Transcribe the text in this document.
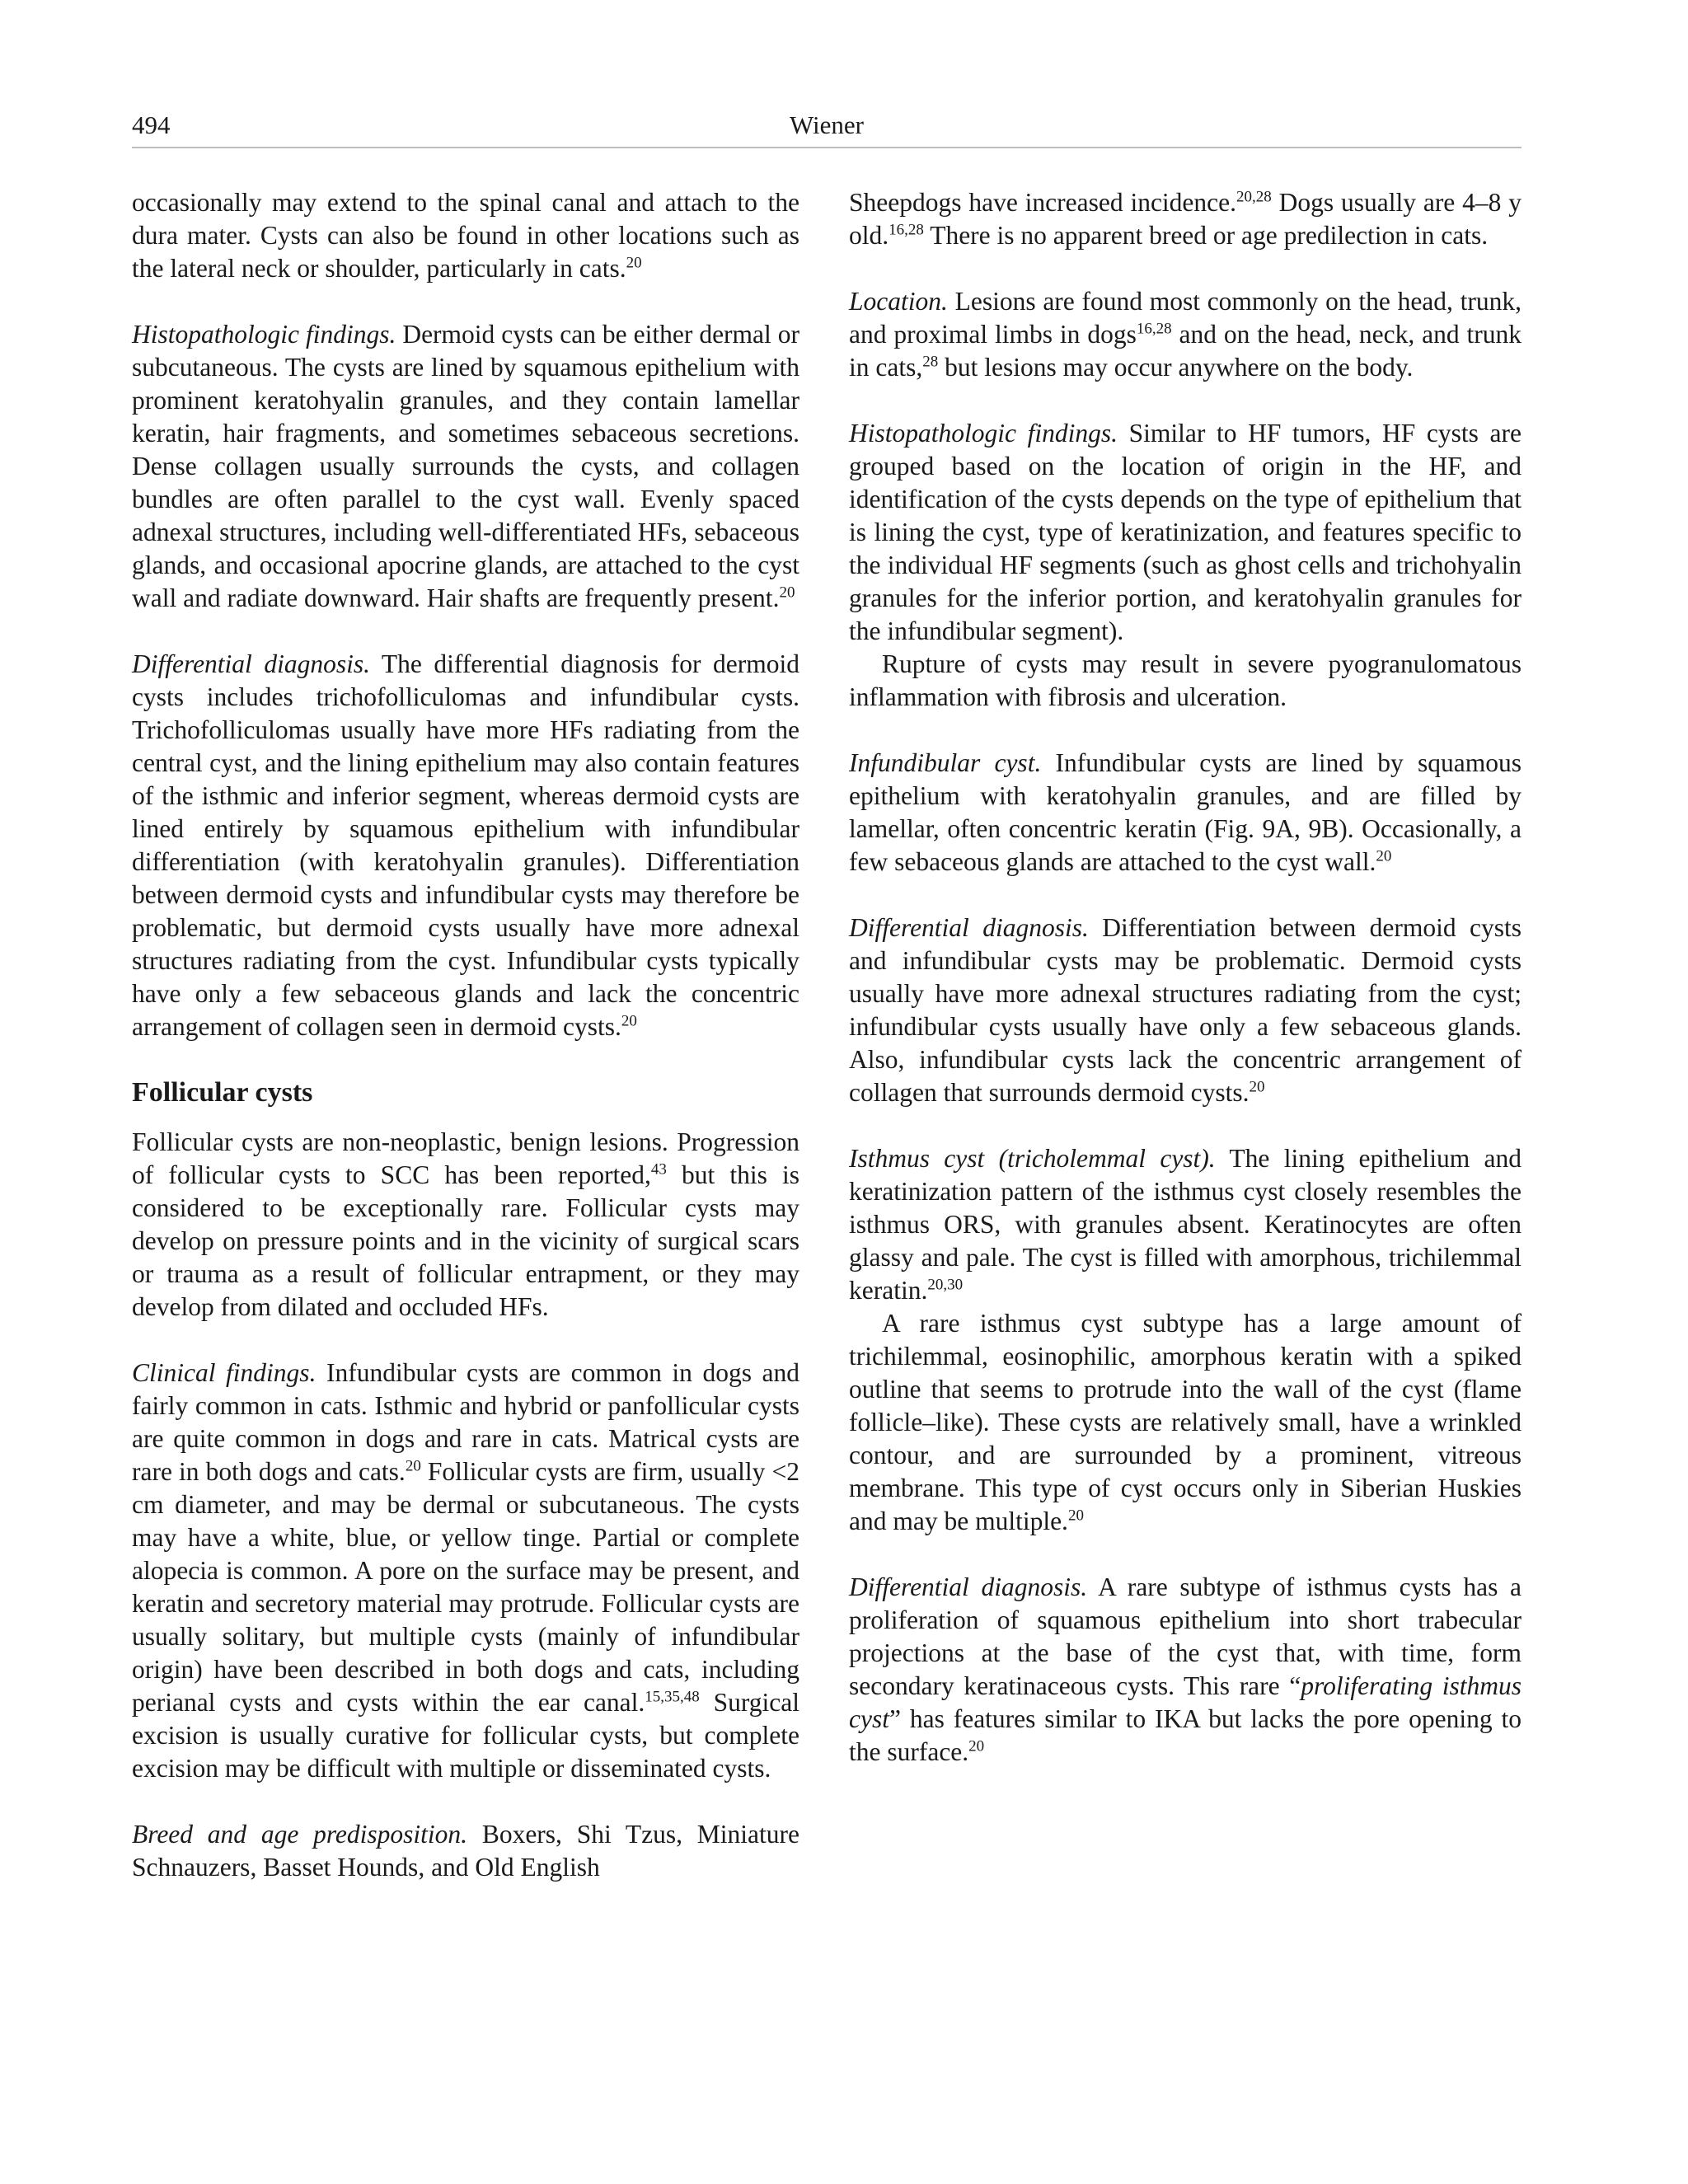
494	Wiener

occasionally may extend to the spinal canal and attach to the dura mater. Cysts can also be found in other locations such as the lateral neck or shoulder, particularly in cats.$^{20}$

Histopathologic findings. Dermoid cysts can be either dermal or subcutaneous. The cysts are lined by squamous epithelium with prominent keratohyalin granules, and they contain lamellar keratin, hair fragments, and sometimes sebaceous secretions. Dense collagen usually surrounds the cysts, and collagen bundles are often parallel to the cyst wall. Evenly spaced adnexal structures, including well-differentiated HFs, sebaceous glands, and occasional apocrine glands, are attached to the cyst wall and radiate downward. Hair shafts are frequently present.$^{20}$

Differential diagnosis. The differential diagnosis for dermoid cysts includes trichofolliculomas and infundibular cysts. Trichofolliculomas usually have more HFs radiating from the central cyst, and the lining epithelium may also contain features of the isthmic and inferior segment, whereas dermoid cysts are lined entirely by squamous epithelium with infundibular differentiation (with keratohyalin granules). Differentiation between dermoid cysts and infundibular cysts may therefore be problematic, but dermoid cysts usually have more adnexal structures radiating from the cyst. Infundibular cysts typically have only a few sebaceous glands and lack the concentric arrangement of collagen seen in dermoid cysts.$^{20}$

Follicular cysts

Follicular cysts are non-neoplastic, benign lesions. Progression of follicular cysts to SCC has been reported,$^{43}$ but this is considered to be exceptionally rare. Follicular cysts may develop on pressure points and in the vicinity of surgical scars or trauma as a result of follicular entrapment, or they may develop from dilated and occluded HFs.

Clinical findings. Infundibular cysts are common in dogs and fairly common in cats. Isthmic and hybrid or panfollicular cysts are quite common in dogs and rare in cats. Matrical cysts are rare in both dogs and cats.$^{20}$ Follicular cysts are firm, usually <2 cm diameter, and may be dermal or subcutaneous. The cysts may have a white, blue, or yellow tinge. Partial or complete alopecia is common. A pore on the surface may be present, and keratin and secretory material may protrude. Follicular cysts are usually solitary, but multiple cysts (mainly of infundibular origin) have been described in both dogs and cats, including perianal cysts and cysts within the ear canal.$^{15,35,48}$ Surgical excision is usually curative for follicular cysts, but complete excision may be difficult with multiple or disseminated cysts.

Breed and age predisposition. Boxers, Shi Tzus, Miniature Schnauzers, Basset Hounds, and Old English

Sheepdogs have increased incidence.$^{20,28}$ Dogs usually are 4–8 y old.$^{16,28}$ There is no apparent breed or age predilection in cats.

Location. Lesions are found most commonly on the head, trunk, and proximal limbs in dogs$^{16,28}$ and on the head, neck, and trunk in cats,$^{28}$ but lesions may occur anywhere on the body.

Histopathologic findings. Similar to HF tumors, HF cysts are grouped based on the location of origin in the HF, and identification of the cysts depends on the type of epithelium that is lining the cyst, type of keratinization, and features specific to the individual HF segments (such as ghost cells and trichohyalin granules for the inferior portion, and keratohyalin granules for the infundibular segment).

Rupture of cysts may result in severe pyogranulomatous inflammation with fibrosis and ulceration.

Infundibular cyst. Infundibular cysts are lined by squamous epithelium with keratohyalin granules, and are filled by lamellar, often concentric keratin (Fig. 9A, 9B). Occasionally, a few sebaceous glands are attached to the cyst wall.$^{20}$

Differential diagnosis. Differentiation between dermoid cysts and infundibular cysts may be problematic. Dermoid cysts usually have more adnexal structures radiating from the cyst; infundibular cysts usually have only a few sebaceous glands. Also, infundibular cysts lack the concentric arrangement of collagen that surrounds dermoid cysts.$^{20}$

Isthmus cyst (tricholemmal cyst). The lining epithelium and keratinization pattern of the isthmus cyst closely resembles the isthmus ORS, with granules absent. Keratinocytes are often glassy and pale. The cyst is filled with amorphous, trichilemmal keratin.$^{20,30}$

A rare isthmus cyst subtype has a large amount of trichilemmal, eosinophilic, amorphous keratin with a spiked outline that seems to protrude into the wall of the cyst (flame follicle–like). These cysts are relatively small, have a wrinkled contour, and are surrounded by a prominent, vitreous membrane. This type of cyst occurs only in Siberian Huskies and may be multiple.$^{20}$

Differential diagnosis. A rare subtype of isthmus cysts has a proliferation of squamous epithelium into short trabecular projections at the base of the cyst that, with time, form secondary keratinaceous cysts. This rare “proliferating isthmus cyst” has features similar to IKA but lacks the pore opening to the surface.$^{20}$
